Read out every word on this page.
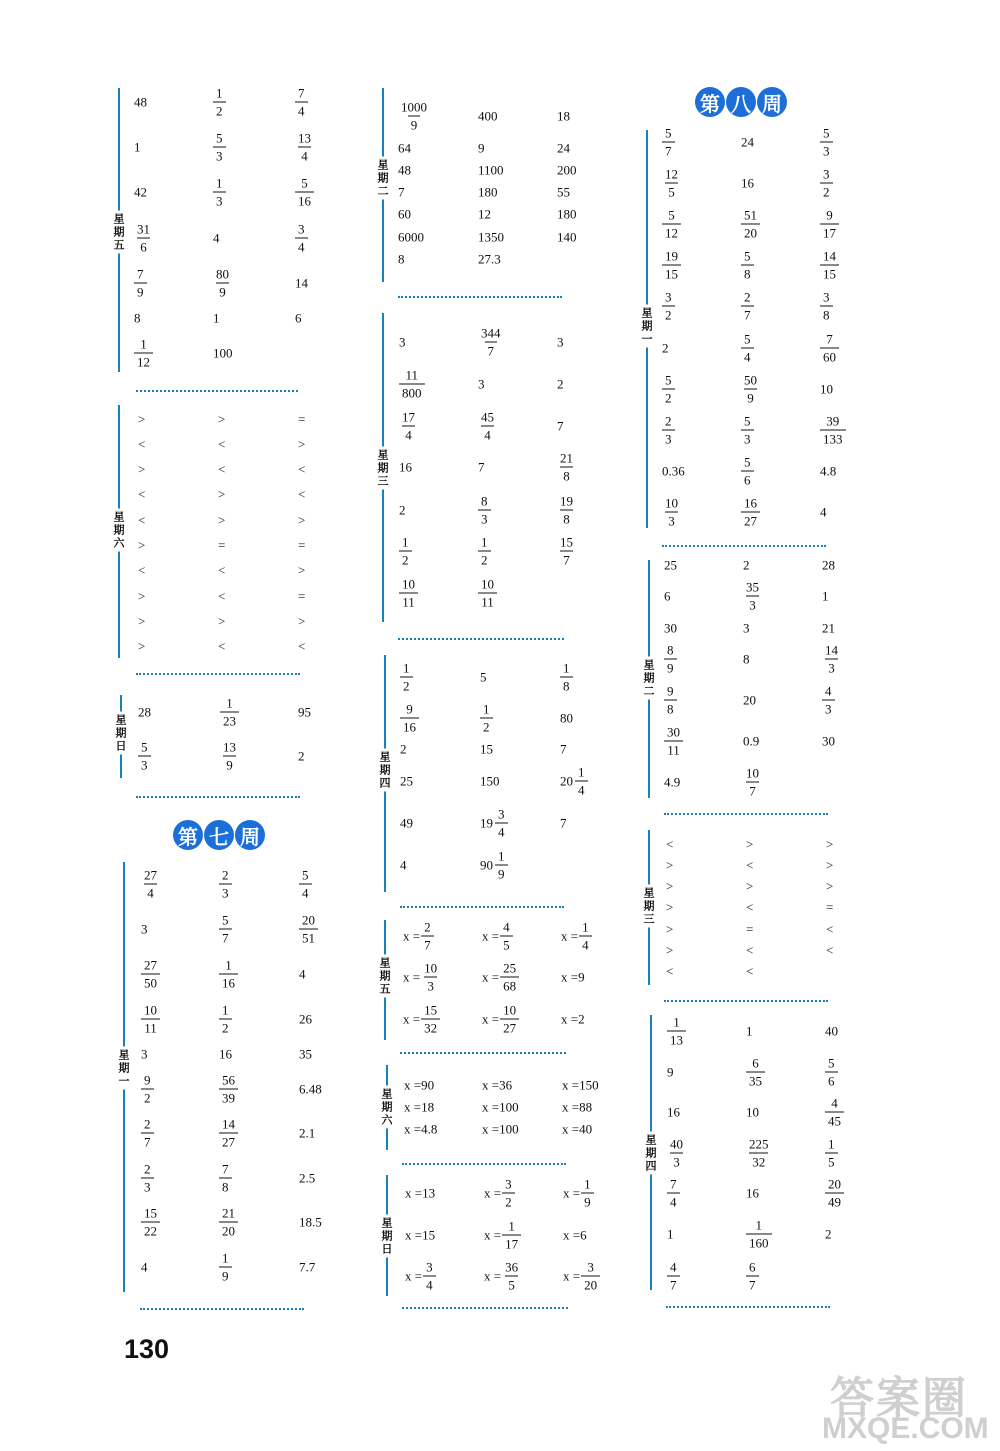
星期五
48	$\frac{1}{2}$	$\frac{7}{4}$
1	$\frac{5}{3}$	$\frac{13}{4}$
42	$\frac{1}{3}$	$\frac{5}{16}$
$\frac{31}{6}$	4	$\frac{3}{4}$
$\frac{7}{9}$	$\frac{80}{9}$	14
8	1	6
$\frac{1}{12}$	100
星期六
>	>	=
<	<	>
>	<	<
<	>	<
<	>	>
>	=	=
<	<	>
>	<	=
>	>	>
>	<	<
星期日
28	$\frac{1}{23}$	95
$\frac{5}{3}$	$\frac{13}{9}$	2
星期一
$\frac{27}{4}$	$\frac{2}{3}$	$\frac{5}{4}$
3	$\frac{5}{7}$	$\frac{20}{51}$
$\frac{27}{50}$	$\frac{1}{16}$	4
$\frac{10}{11}$	$\frac{1}{2}$	26
3	16	35
$\frac{9}{2}$	$\frac{56}{39}$	6.48
$\frac{2}{7}$	$\frac{14}{27}$	2.1
$\frac{2}{3}$	$\frac{7}{8}$	2.5
$\frac{15}{22}$	$\frac{21}{20}$	18.5
4	$\frac{1}{9}$	7.7
星期二
$\frac{1000}{9}$	400	18
64	9	24
48	1100	200
7	180	55
60	12	180
6000	1350	140
8	27.3
星期三
3	$\frac{344}{7}$	3
$\frac{11}{800}$	3	2
$\frac{17}{4}$	$\frac{45}{4}$	7
16	7	$\frac{21}{8}$
2	$\frac{8}{3}$	$\frac{19}{8}$
$\frac{1}{2}$	$\frac{1}{2}$	$\frac{15}{7}$
$\frac{10}{11}$	$\frac{10}{11}$
星期四
$\frac{1}{2}$	5	$\frac{1}{8}$
$\frac{9}{16}$	$\frac{1}{2}$	80
2	15	7
25	150	$20 \frac{1}{4}$
49	$19 \frac{3}{4}$	7
4	$90 \frac{1}{9}$
星期五
$x = \frac{2}{7}$	$x = \frac{4}{5}$	$x = \frac{1}{4}$
$x = \frac{10}{3}$	$x = \frac{25}{68}$	x =9
$x = \frac{15}{32}$	$x = \frac{10}{27}$	x =2
星期六
x =90	x =36	x =150
x =18	x =100	x =88
x =4.8	x =100	x =40
星期日
x =13	$x = \frac{3}{2}$	$x = \frac{1}{9}$
x =15	$x = \frac{1}{17}$	x =6
$x = \frac{3}{4}$	$x = \frac{36}{5}$	$x = \frac{3}{20}$
星期一
$\frac{5}{7}$	24	$\frac{5}{3}$
$\frac{12}{5}$	16	$\frac{3}{2}$
$\frac{5}{12}$	$\frac{51}{20}$	$\frac{9}{17}$
$\frac{19}{15}$	$\frac{5}{8}$	$\frac{14}{15}$
$\frac{3}{2}$	$\frac{2}{7}$	$\frac{3}{8}$
2	$\frac{5}{4}$	$\frac{7}{60}$
$\frac{5}{2}$	$\frac{50}{9}$	10
$\frac{2}{3}$	$\frac{5}{3}$	$\frac{39}{133}$
0.36	$\frac{5}{6}$	4.8
$\frac{10}{3}$	$\frac{16}{27}$	4
星期二
25	2	28
6	$\frac{35}{3}$	1
30	3	21
$\frac{8}{9}$	8	$\frac{14}{3}$
$\frac{9}{8}$	20	$\frac{4}{3}$
$\frac{30}{11}$	0.9	30
4.9	$\frac{10}{7}$
星期三
<	>	>
>	<	>
>	>	>
>	<	=
>	=	<
>	<	<
<	<
星期四
$\frac{1}{13}$	1	40
9	$\frac{6}{35}$	$\frac{5}{6}$
16	10	$\frac{4}{45}$
$\frac{40}{3}$	$\frac{225}{32}$	$\frac{1}{5}$
$\frac{7}{4}$	16	$\frac{20}{49}$
1	$\frac{1}{160}$	2
$\frac{4}{7}$	$\frac{6}{7}$
第 七 周
第 八 周
130
答案圈
MXQE.COM
